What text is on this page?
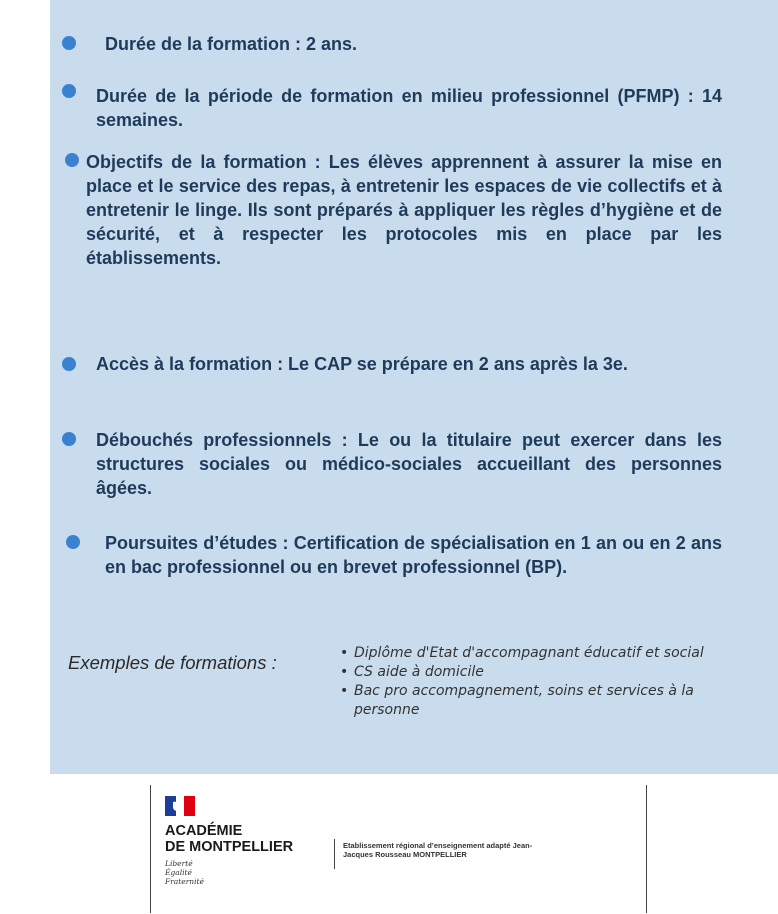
Durée de la formation : 2 ans.
Durée de la période de formation en milieu professionnel (PFMP) : 14 semaines.
Objectifs de la formation : Les élèves apprennent à assurer la mise en place et le service des repas, à entretenir les espaces de vie collectifs et à entretenir le linge. Ils sont préparés à appliquer les règles d’hygiène et de sécurité, et à respecter les protocoles mis en place par les établissements.
Accès à la formation : Le CAP se prépare en 2 ans après la 3e.
Débouchés professionnels : Le ou la titulaire peut exercer dans les structures sociales ou médico-sociales accueillant des personnes âgées.
Poursuites d’études : Certification de spécialisation en 1 an ou en 2 ans en bac professionnel ou en brevet professionnel (BP).
Exemples de formations :
•	Diplôme d'Etat d'accompagnant éducatif et social
• CS aide à domicile
• Bac pro accompagnement, soins et services à la personne
ACADÉMIE
DE MONTPELLIER
Liberté
Égalité
Fraternité
Etablissement régional d’enseignement adapté Jean-Jacques Rousseau MONTPELLIER
